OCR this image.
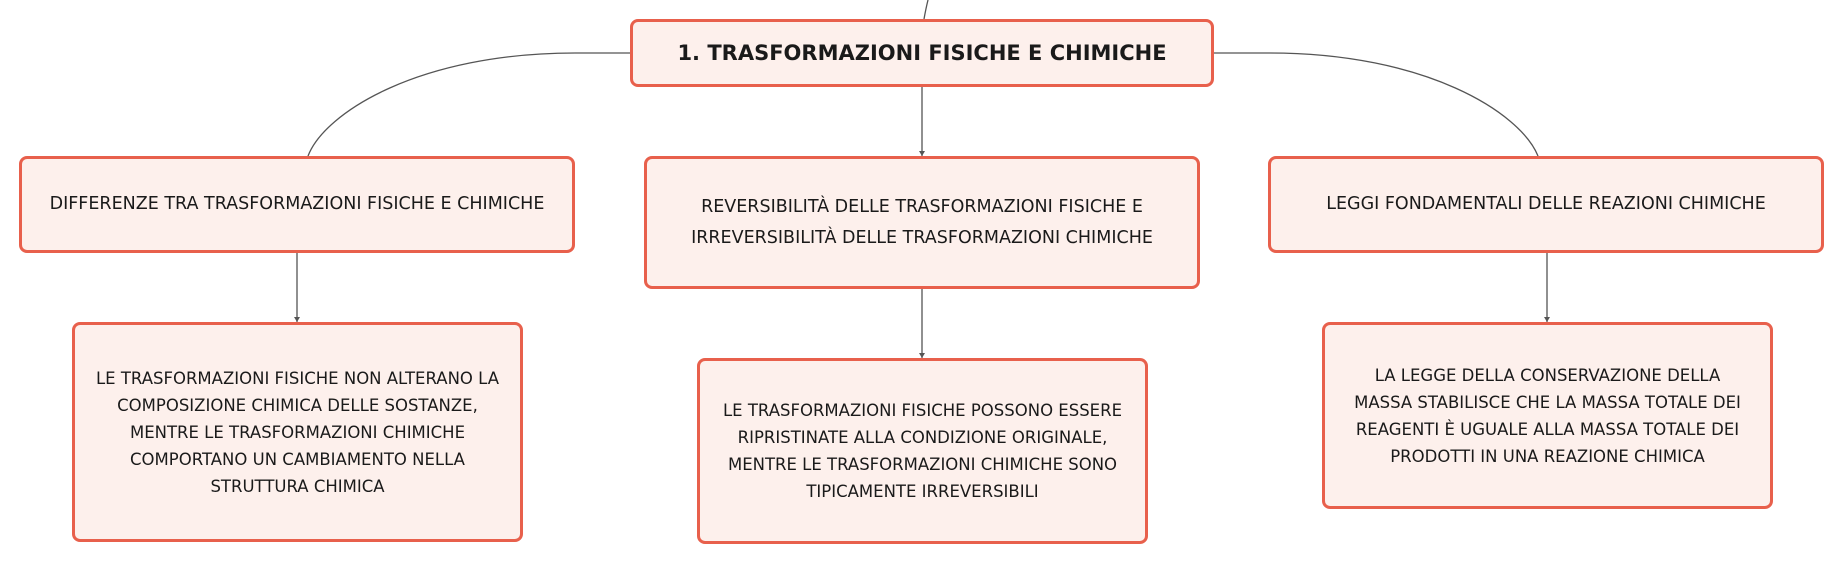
1. TRASFORMAZIONI FISICHE E CHIMICHE
DIFFERENZE TRA TRASFORMAZIONI FISICHE E CHIMICHE	REVERSIBILITÀ DELLE TRASFORMAZIONI FISICHE E IRREVERSIBILITÀ DELLE TRASFORMAZIONI CHIMICHE
LEGGI FONDAMENTALI DELLE REAZIONI CHIMICHE
LE TRASFORMAZIONI FISICHE NON ALTERANO LA COMPOSIZIONE CHIMICA DELLE SOSTANZE, MENTRE LE TRASFORMAZIONI CHIMICHE COMPORTANO UN CAMBIAMENTO NELLA STRUTTURA CHIMICA
LE TRASFORMAZIONI FISICHE POSSONO ESSERE RIPRISTINATE ALLA CONDIZIONE ORIGINALE, MENTRE LE TRASFORMAZIONI CHIMICHE SONO TIPICAMENTE IRREVERSIBILI
LA LEGGE DELLA CONSERVAZIONE DELLA MASSA STABILISCE CHE LA MASSA TOTALE DEI REAGENTI È UGUALE ALLA MASSA TOTALE DEI PRODOTTI IN UNA REAZIONE CHIMICA
